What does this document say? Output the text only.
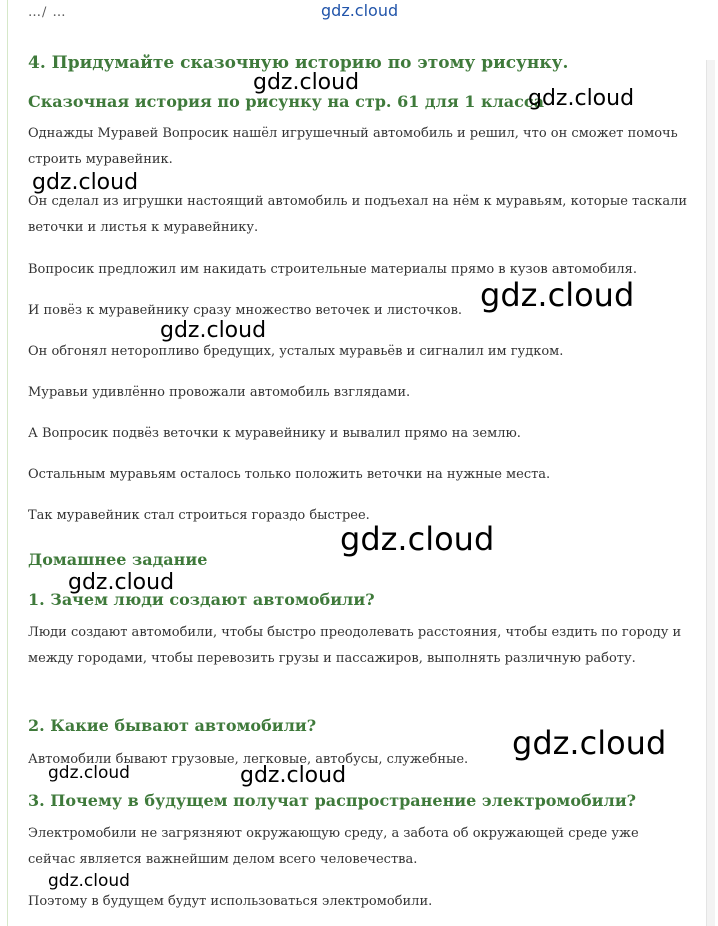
…/ …	gdz.cloud
4. Придумайте сказочную историю по этому рисунку.
Сказочная история по рисунку на стр. 61 для 1 класса

Однажды Муравей Вопросик нашёл игрушечный автомобиль и решил, что он сможет помочь строить муравейник.

Он сделал из игрушки настоящий автомобиль и подъехал на нём к муравьям, которые таскали веточки и листья к муравейнику.

Вопросик предложил им накидать строительные материалы прямо в кузов автомобиля.

И повёз к муравейнику сразу множество веточек и листочков.

Он обгонял неторопливо бредущих, усталых муравьёв и сигналил им гудком.

Муравьи удивлённо провожали автомобиль взглядами.

А Вопросик подвёз веточки к муравейнику и вывалил прямо на землю.

Остальным муравьям осталось только положить веточки на нужные места.

Так муравейник стал строиться гораздо быстрее.

Домашнее задание
1. Зачем люди создают автомобили?

Люди создают автомобили, чтобы быстро преодолевать расстояния, чтобы ездить по городу и между городами, чтобы перевозить грузы и пассажиров, выполнять различную работу.

2. Какие бывают автомобили?

Автомобили бывают грузовые, легковые, автобусы, служебные.

3. Почему в будущем получат распространение электромобили?

Электромобили не загрязняют окружающую среду, а забота об окружающей среде уже сейчас является важнейшим делом всего человечества.

Поэтому в будущем будут использоваться электромобили.

gdz.cloud
gdz.cloud
gdz.cloud
gdz.cloud
gdz.cloud
gdz.cloud
gdz.cloud
gdz.cloud
gdz.cloud	gdz.cloud
gdz.cloud
